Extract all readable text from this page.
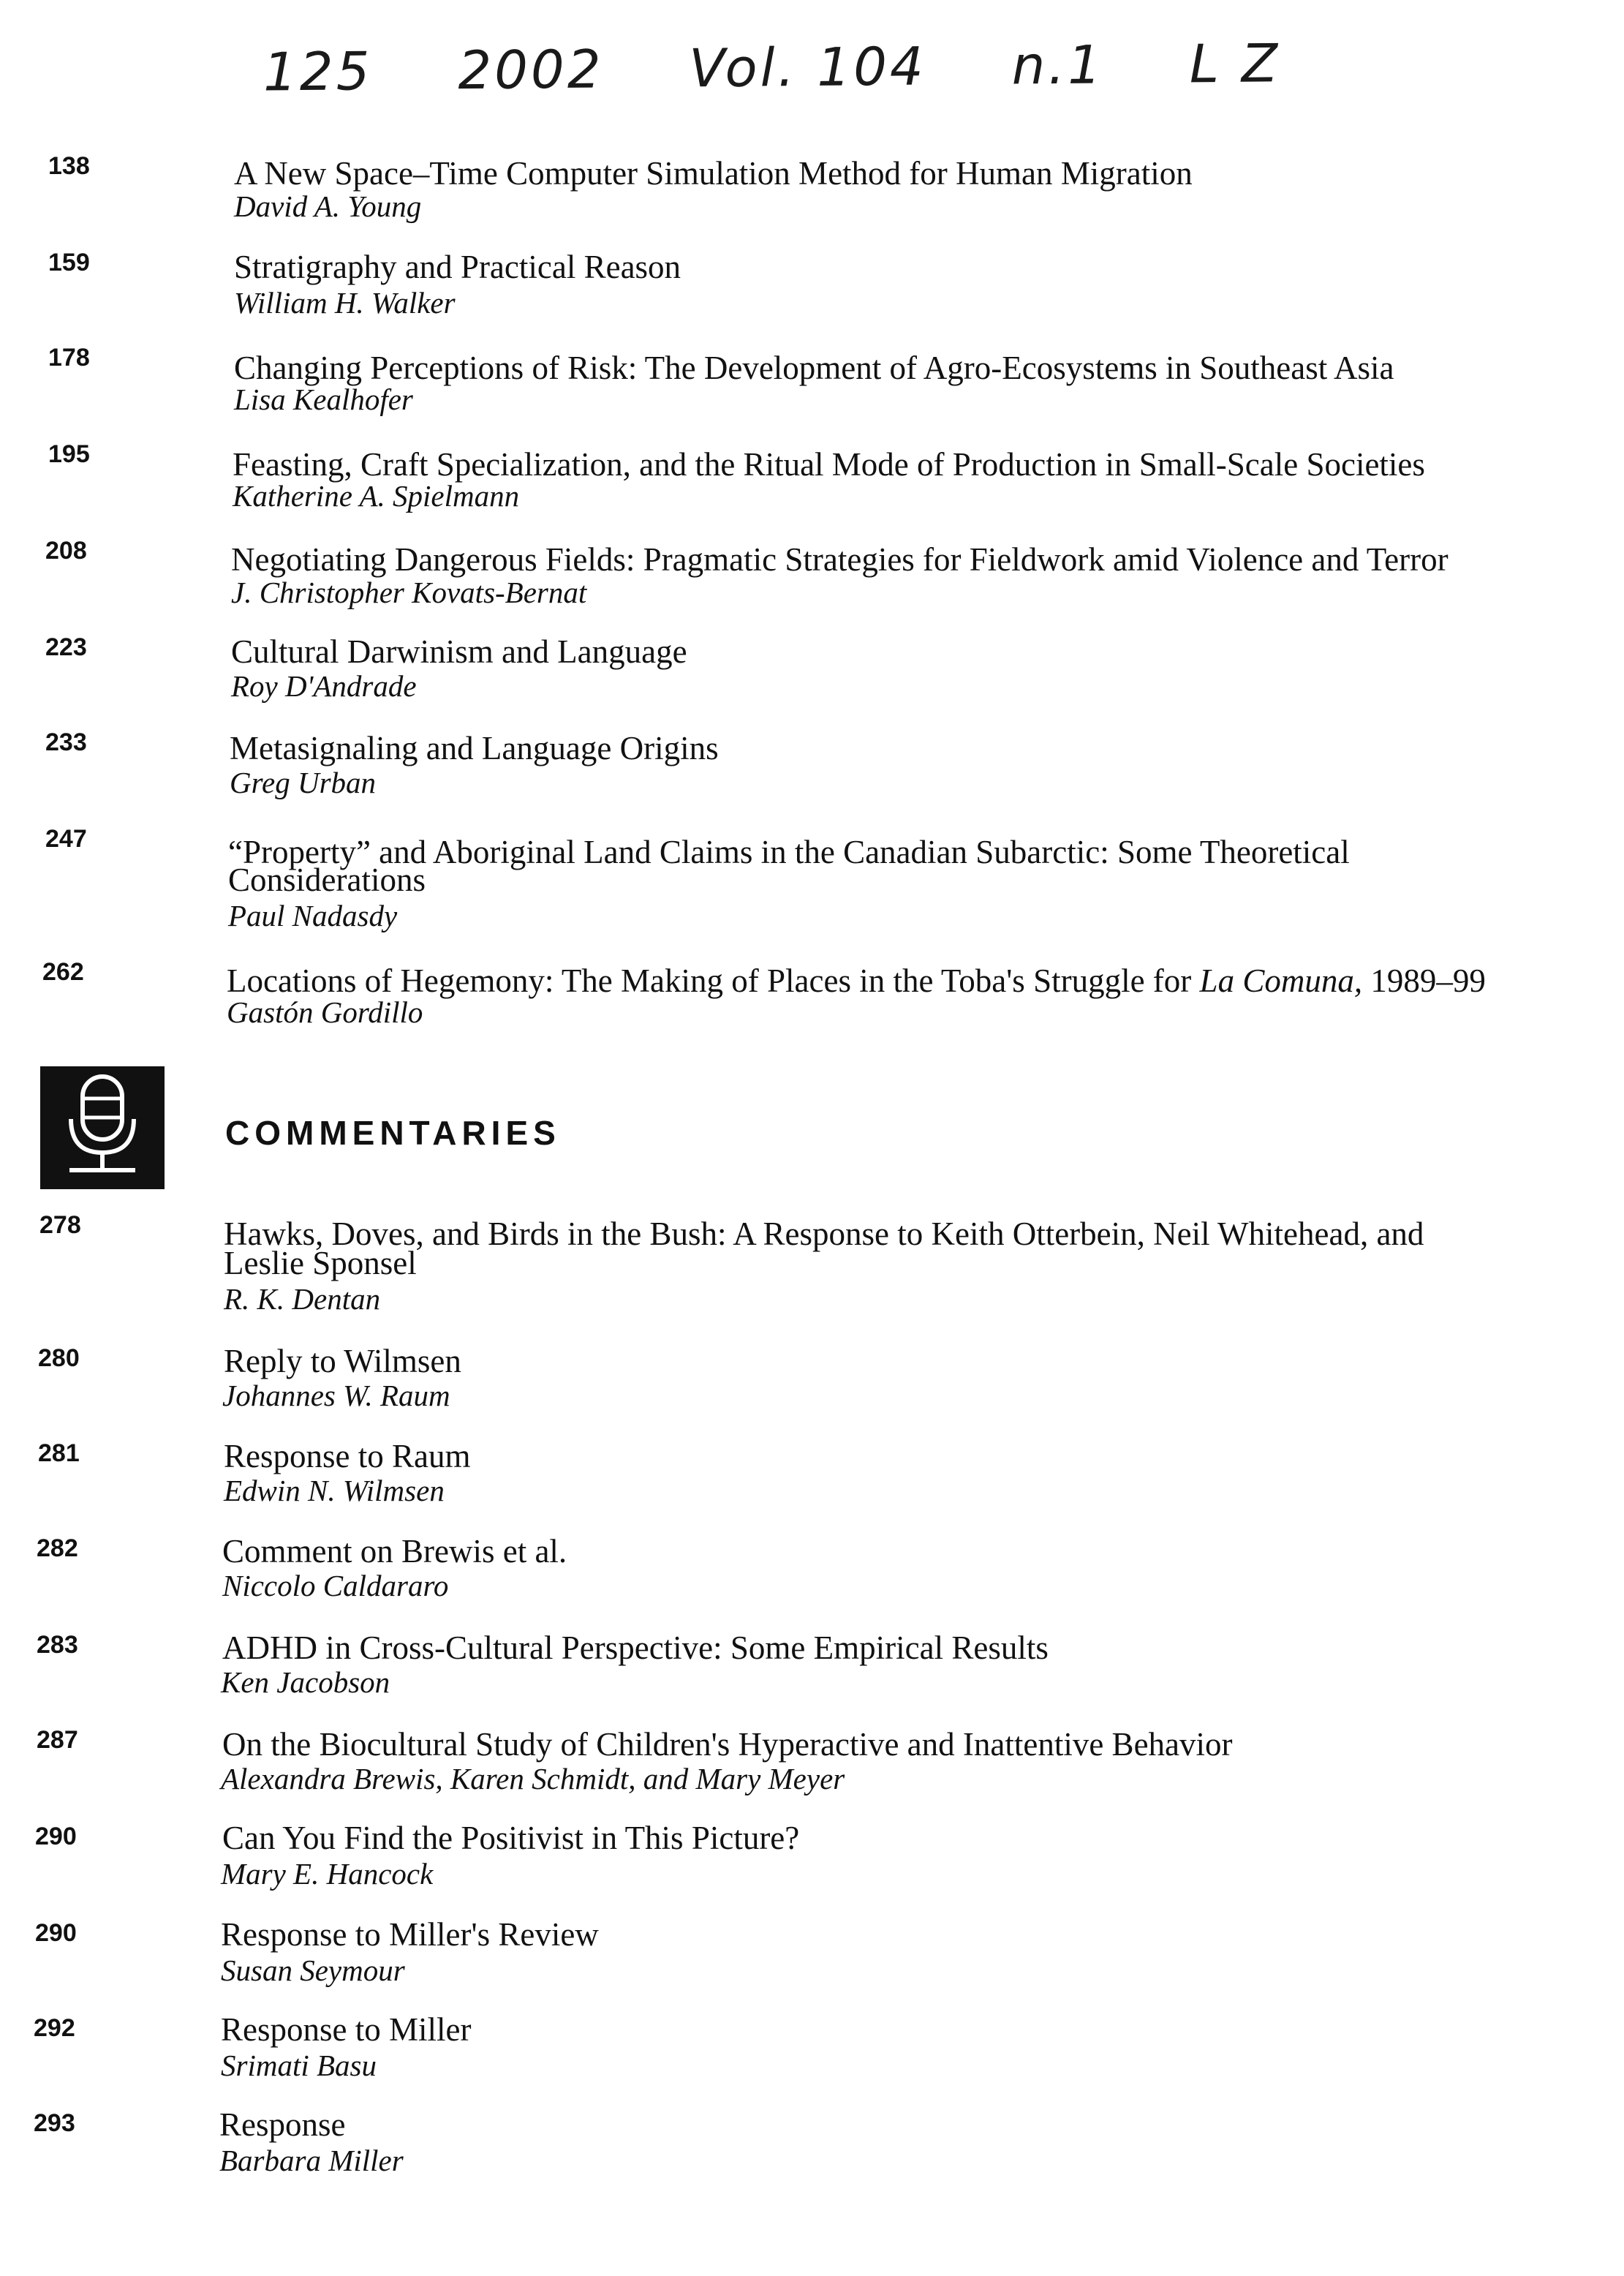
125 2002 Vol. 104 n.1 L Z
138	A New Space–Time Computer Simulation Method for Human Migration
David A. Young
159	Stratigraphy and Practical Reason
William H. Walker
178	Changing Perceptions of Risk: The Development of Agro-Ecosystems in Southeast Asia
Lisa Kealhofer
195	Feasting, Craft Specialization, and the Ritual Mode of Production in Small-Scale Societies
Katherine A. Spielmann
208	Negotiating Dangerous Fields: Pragmatic Strategies for Fieldwork amid Violence and Terror
J. Christopher Kovats-Bernat
223	Cultural Darwinism and Language
Roy D'Andrade
233	Metasignaling and Language Origins
Greg Urban
247	“Property” and Aboriginal Land Claims in the Canadian Subarctic: Some Theoretical
Considerations
Paul Nadasdy
262	Locations of Hegemony: The Making of Places in the Toba's Struggle for La Comuna, 1989–99
Gastón Gordillo
COMMENTARIES
278	Hawks, Doves, and Birds in the Bush: A Response to Keith Otterbein, Neil Whitehead, and
Leslie Sponsel
R. K. Dentan
280	Reply to Wilmsen
Johannes W. Raum
281	Response to Raum
Edwin N. Wilmsen
282	Comment on Brewis et al.
Niccolo Caldararo
283	ADHD in Cross-Cultural Perspective: Some Empirical Results
Ken Jacobson
287	On the Biocultural Study of Children's Hyperactive and Inattentive Behavior
Alexandra Brewis, Karen Schmidt, and Mary Meyer
290	Can You Find the Positivist in This Picture?
Mary E. Hancock
290	Response to Miller's Review
Susan Seymour
292	Response to Miller
Srimati Basu
293	Response
Barbara Miller
